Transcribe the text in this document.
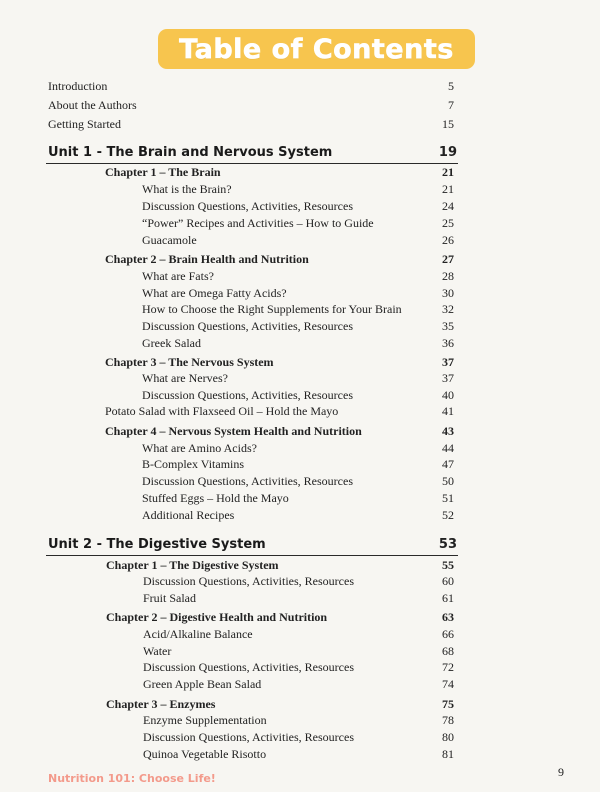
Table of Contents
Introduction	5
About the Authors	7
Getting Started	15
Unit 1 - The Brain and Nervous System	19
Chapter 1 – The Brain	21
What is the Brain?	21
Discussion Questions, Activities, Resources	24
“Power” Recipes and Activities – How to Guide	25
Guacamole	26
Chapter 2 – Brain Health and Nutrition	27
What are Fats?	28
What are Omega Fatty Acids?	30
How to Choose the Right Supplements for Your Brain	32
Discussion Questions, Activities, Resources	35
Greek Salad	36
Chapter 3 – The Nervous System	37
What are Nerves?	37
Discussion Questions, Activities, Resources	40
Potato Salad with Flaxseed Oil – Hold the Mayo	41
Chapter 4 – Nervous System Health and Nutrition	43
What are Amino Acids?	44
B-Complex Vitamins	47
Discussion Questions, Activities, Resources	50
Stuffed Eggs – Hold the Mayo	51
Additional Recipes	52
Unit 2 - The Digestive System	53
Chapter 1 – The Digestive System	55
Discussion Questions, Activities, Resources	60
Fruit Salad	61
Chapter 2 – Digestive Health and Nutrition	63
Acid/Alkaline Balance	66
Water	68
Discussion Questions, Activities, Resources	72
Green Apple Bean Salad	74
Chapter 3 – Enzymes	75
Enzyme Supplementation	78
Discussion Questions, Activities, Resources	80
Quinoa Vegetable Risotto	81
Nutrition 101: Choose Life!	9
